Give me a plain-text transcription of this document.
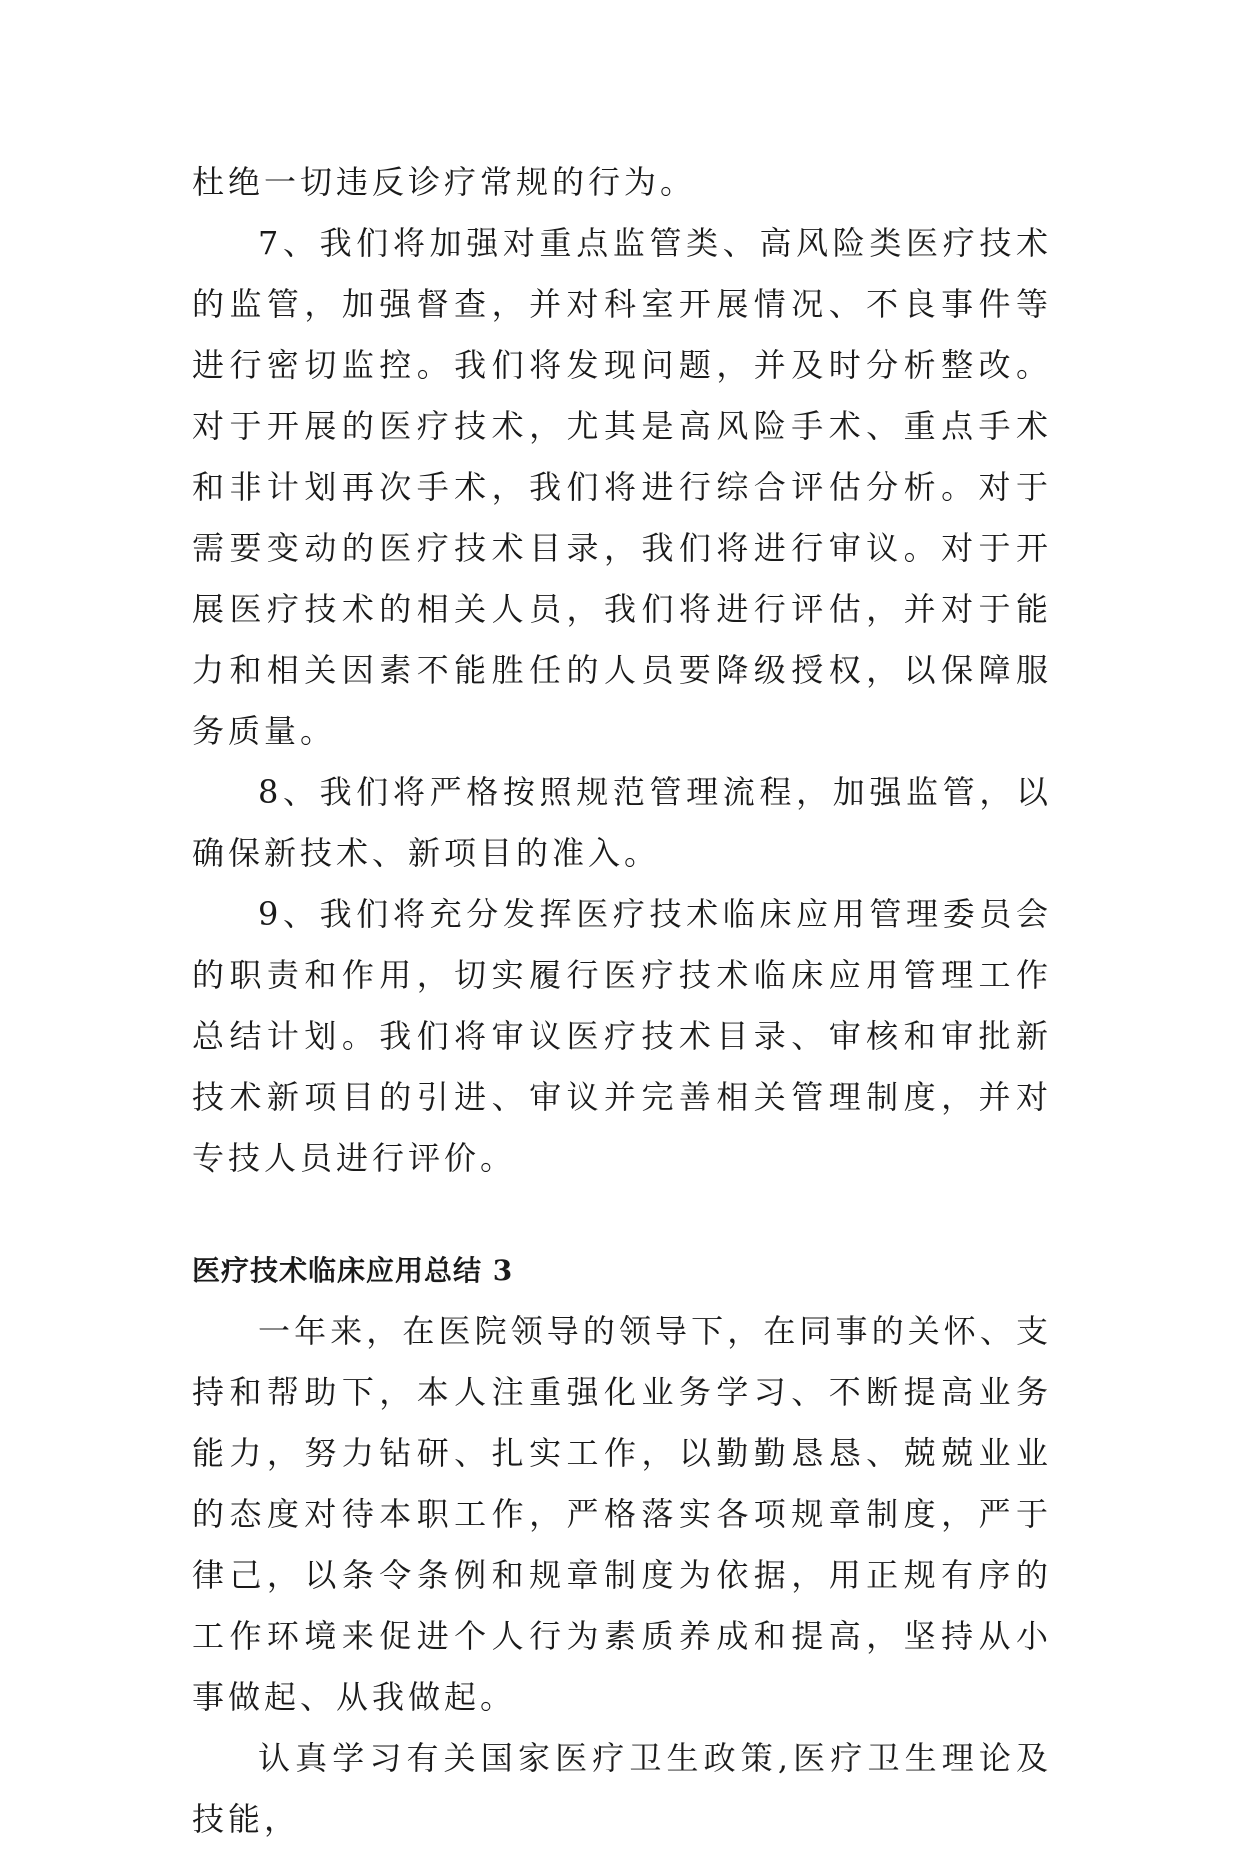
杜绝一切违反诊疗常规的行为。

7、我们将加强对重点监管类、高风险类医疗技术的监管，加强督查，并对科室开展情况、不良事件等进行密切监控。我们将发现问题，并及时分析整改。对于开展的医疗技术，尤其是高风险手术、重点手术和非计划再次手术，我们将进行综合评估分析。对于需要变动的医疗技术目录，我们将进行审议。对于开展医疗技术的相关人员，我们将进行评估，并对于能力和相关因素不能胜任的人员要降级授权，以保障服务质量。

8、我们将严格按照规范管理流程，加强监管，以确保新技术、新项目的准入。

9、我们将充分发挥医疗技术临床应用管理委员会的职责和作用，切实履行医疗技术临床应用管理工作总结计划。我们将审议医疗技术目录、审核和审批新技术新项目的引进、审议并完善相关管理制度，并对专技人员进行评价。

医疗技术临床应用总结 3

一年来，在医院领导的领导下，在同事的关怀、支持和帮助下，本人注重强化业务学习、不断提高业务能力，努力钻研、扎实工作，以勤勤恳恳、兢兢业业的态度对待本职工作，严格落实各项规章制度，严于律己，以条令条例和规章制度为依据，用正规有序的工作环境来促进个人行为素质养成和提高，坚持从小事做起、从我做起。

认真学习有关国家医疗卫生政策,医疗卫生理论及技能，
